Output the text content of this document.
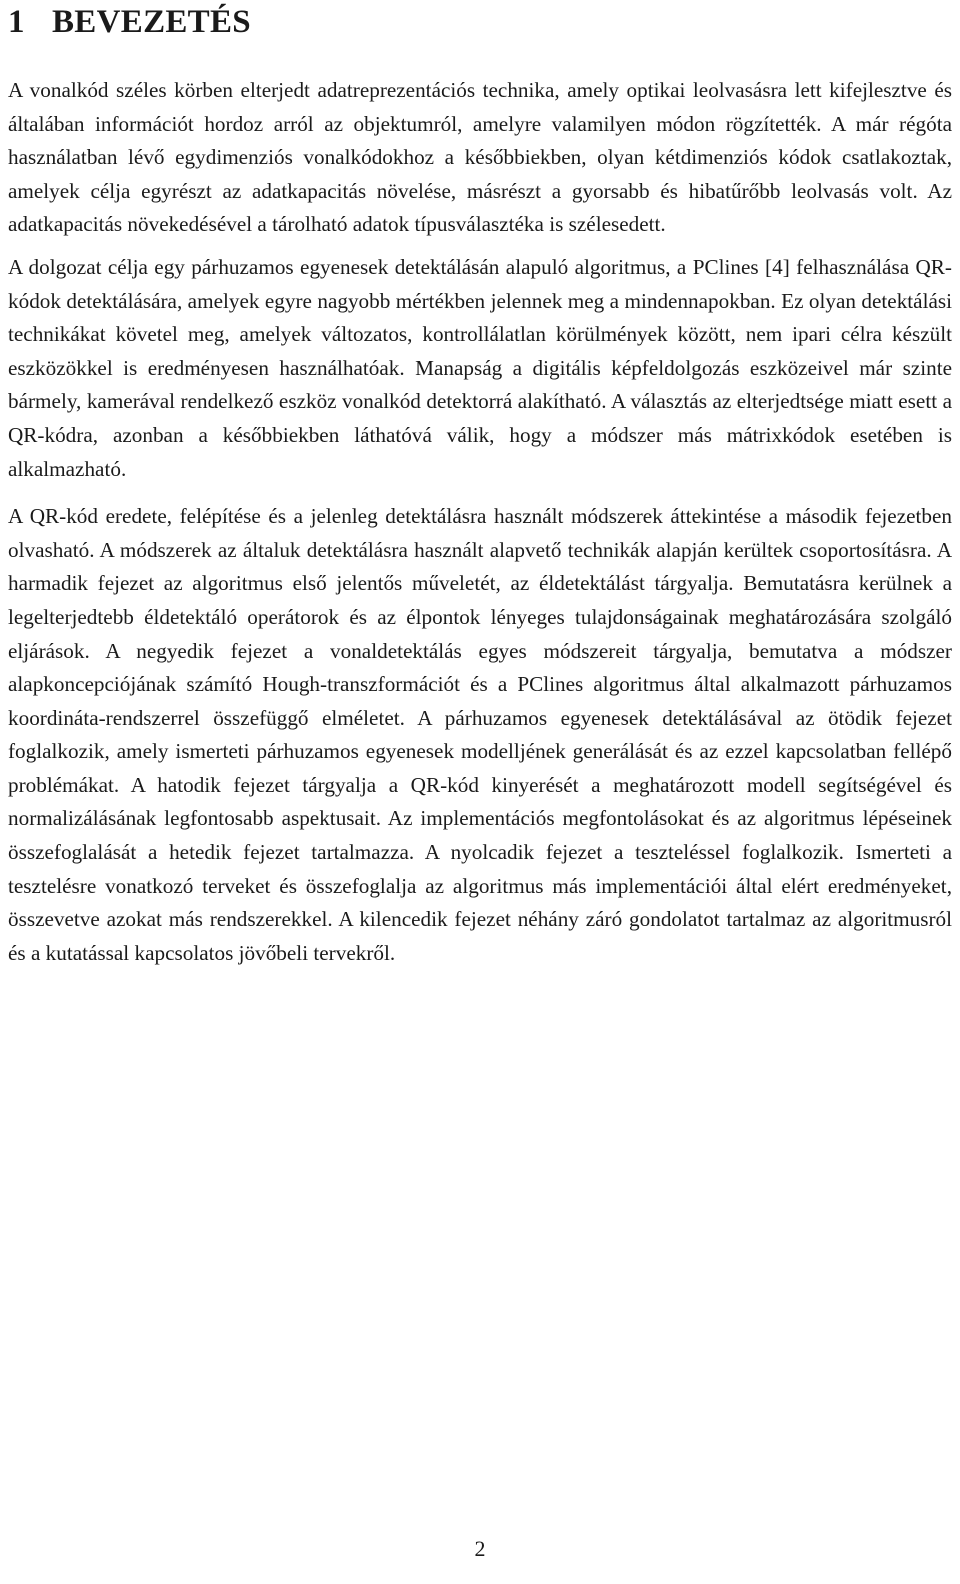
1 BEVEZETÉS

A vonalkód széles körben elterjedt adatreprezentációs technika, amely optikai leolvasásra lett kifejlesztve és általában információt hordoz arról az objektumról, amelyre valamilyen módon rögzítették. A már régóta használatban lévő egydimenziós vonalkódokhoz a későbbiekben, olyan kétdimenziós kódok csatlakoztak, amelyek célja egyrészt az adatkapacitás növelése, másrészt a gyorsabb és hibatűrőbb leolvasás volt. Az adatkapacitás növekedésével a tárolható adatok típusválasztéka is szélesedett.

A dolgozat célja egy párhuzamos egyenesek detektálásán alapuló algoritmus, a PClines [4] felhasználása QR-kódok detektálására, amelyek egyre nagyobb mértékben jelennek meg a mindennapokban. Ez olyan detektálási technikákat követel meg, amelyek változatos, kontrollálatlan körülmények között, nem ipari célra készült eszközökkel is eredményesen használhatóak. Manapság a digitális képfeldolgozás eszközeivel már szinte bármely, kamerával rendelkező eszköz vonalkód detektorrá alakítható. A választás az elterjedtsége miatt esett a QR-kódra, azonban a későbbiekben láthatóvá válik, hogy a módszer más mátrixkódok esetében is alkalmazható.

A QR-kód eredete, felépítése és a jelenleg detektálásra használt módszerek áttekintése a második fejezetben olvasható. A módszerek az általuk detektálásra használt alapvető technikák alapján kerültek csoportosításra. A harmadik fejezet az algoritmus első jelentős műveletét, az éldetektálást tárgyalja. Bemutatásra kerülnek a legelterjedtebb éldetektáló operátorok és az élpontok lényeges tulajdonságainak meghatározására szolgáló eljárások. A negyedik fejezet a vonaldetektálás egyes módszereit tárgyalja, bemutatva a módszer alapkoncepciójának számító Hough-transzformációt és a PClines algoritmus által alkalmazott párhuzamos koordináta-rendszerrel összefüggő elméletet. A párhuzamos egyenesek detektálásával az ötödik fejezet foglalkozik, amely ismerteti párhuzamos egyenesek modelljének generálását és az ezzel kapcsolatban fellépő problémákat. A hatodik fejezet tárgyalja a QR-kód kinyerését a meghatározott modell segítségével és normalizálásának legfontosabb aspektusait. Az implementációs megfontolásokat és az algoritmus lépéseinek összefoglalását a hetedik fejezet tartalmazza. A nyolcadik fejezet a teszteléssel foglalkozik. Ismerteti a tesztelésre vonatkozó terveket és összefoglalja az algoritmus más implementációi által elért eredményeket, összevetve azokat más rendszerekkel. A kilencedik fejezet néhány záró gondolatot tartalmaz az algoritmusról és a kutatással kapcsolatos jövőbeli tervekről.

2
